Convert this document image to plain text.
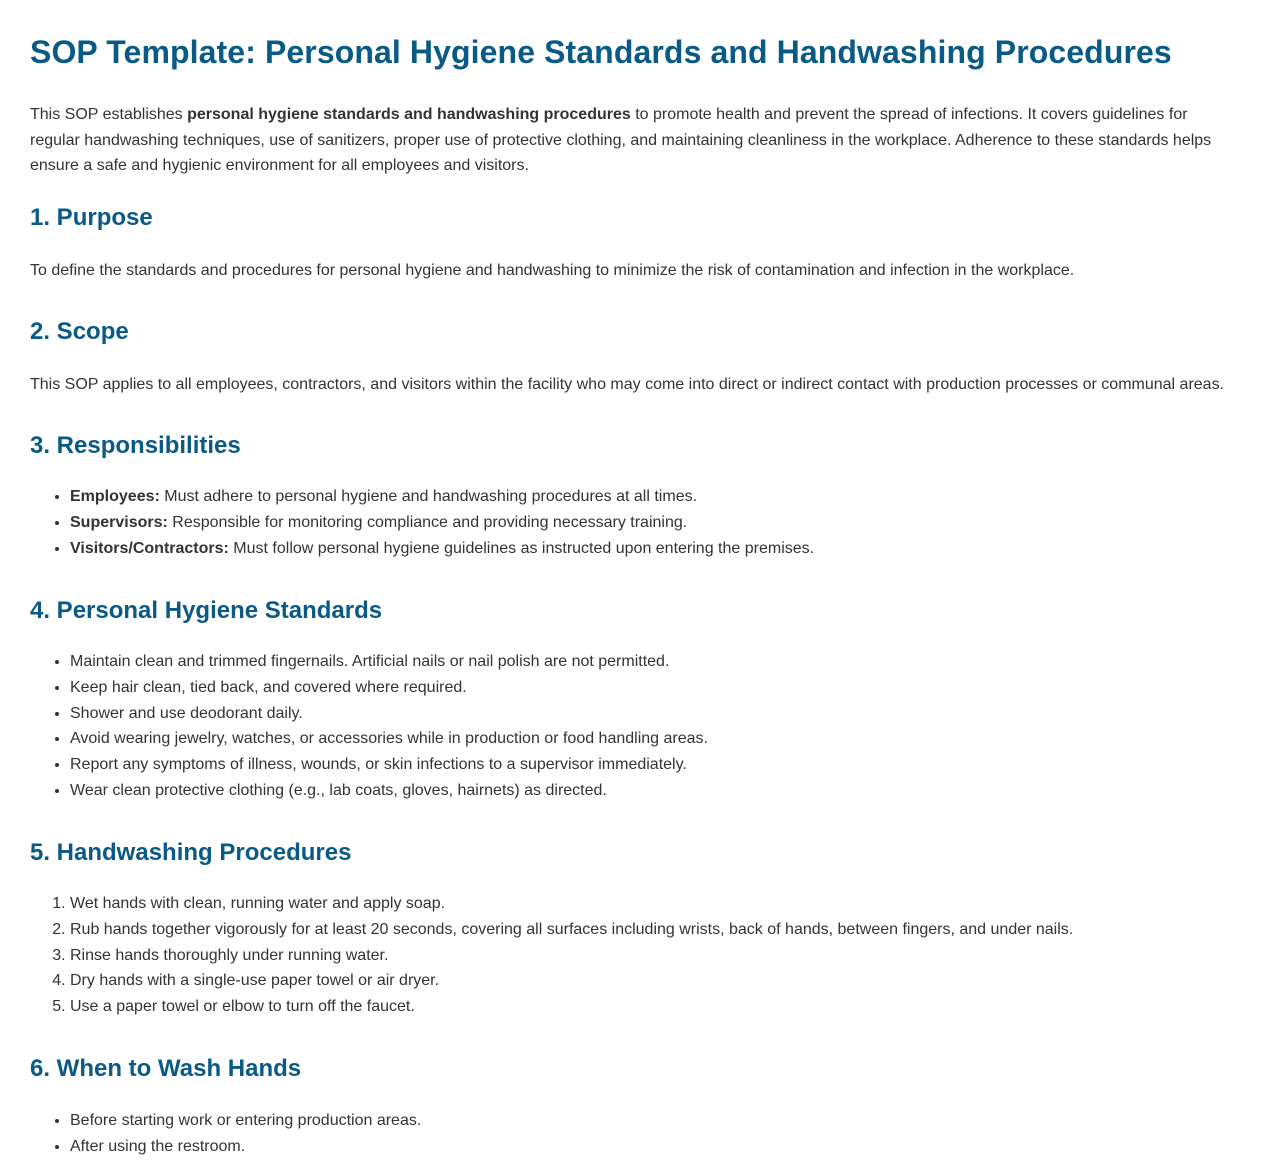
SOP Template: Personal Hygiene Standards and Handwashing Procedures

This SOP establishes personal hygiene standards and handwashing procedures to promote health and prevent the spread of infections. It covers guidelines for regular handwashing techniques, use of sanitizers, proper use of protective clothing, and maintaining cleanliness in the workplace. Adherence to these standards helps ensure a safe and hygienic environment for all employees and visitors.

1. Purpose

To define the standards and procedures for personal hygiene and handwashing to minimize the risk of contamination and infection in the workplace.

2. Scope

This SOP applies to all employees, contractors, and visitors within the facility who may come into direct or indirect contact with production processes or communal areas.

3. Responsibilities
• Employees: Must adhere to personal hygiene and handwashing procedures at all times.
• Supervisors: Responsible for monitoring compliance and providing necessary training.
• Visitors/Contractors: Must follow personal hygiene guidelines as instructed upon entering the premises.
4. Personal Hygiene Standards
• Maintain clean and trimmed fingernails. Artificial nails or nail polish are not permitted.
• Keep hair clean, tied back, and covered where required.
• Shower and use deodorant daily.
• Avoid wearing jewelry, watches, or accessories while in production or food handling areas.
• Report any symptoms of illness, wounds, or skin infections to a supervisor immediately.
• Wear clean protective clothing (e.g., lab coats, gloves, hairnets) as directed.
5. Handwashing Procedures
1. Wet hands with clean, running water and apply soap.
2. Rub hands together vigorously for at least 20 seconds, covering all surfaces including wrists, back of hands, between fingers, and under nails.
3. Rinse hands thoroughly under running water.
4. Dry hands with a single-use paper towel or air dryer.
5. Use a paper towel or elbow to turn off the faucet.
6. When to Wash Hands
• Before starting work or entering production areas.
• After using the restroom.
